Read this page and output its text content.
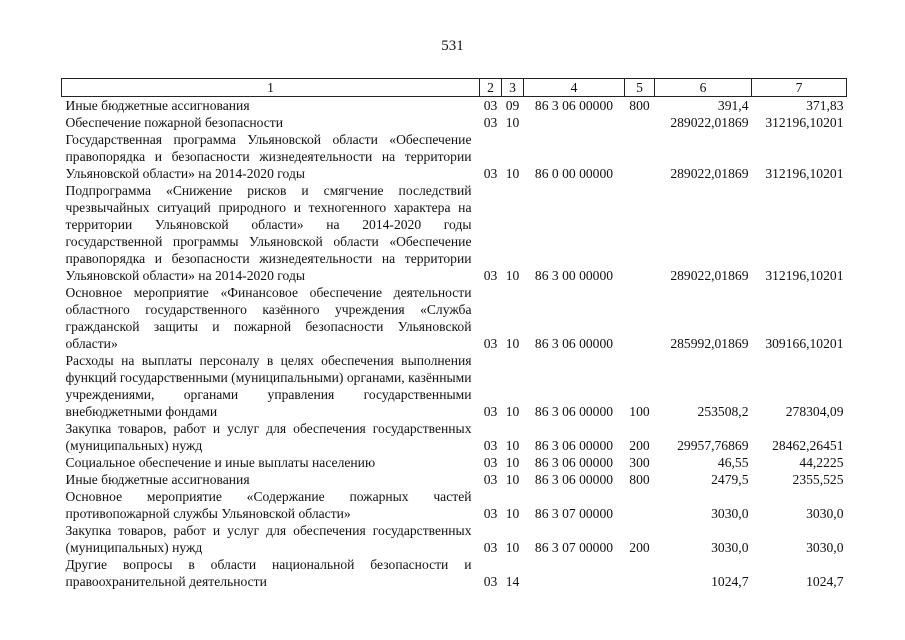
531
1	2	3	4	5	6	7
Иные бюджетные ассигнования	03	09	86 3 06 00000	800	391,4	371,83
Обеспечение пожарной безопасности	03	10			289022,01869	312196,10201
Государственная программа Ульяновской области «Обеспечение правопорядка и безопасности жизнедеятельности на территории Ульяновской области» на 2014-2020 годы	03	10	86 0 00 00000		289022,01869	312196,10201
Подпрограмма «Снижение рисков и смягчение последствий чрезвычайных ситуаций природного и техногенного характера на территории Ульяновской области» на 2014-2020 годы государственной программы Ульяновской области «Обеспечение правопорядка и безопасности жизнедеятельности на территории Ульяновской области» на 2014-2020 годы	03	10	86 3 00 00000		289022,01869	312196,10201
Основное мероприятие «Финансовое обеспечение деятельности областного государственного казённого учреждения «Служба гражданской защиты и пожарной безопасности Ульяновской области»	03	10	86 3 06 00000		285992,01869	309166,10201
Расходы на выплаты персоналу в целях обеспечения выполнения функций государственными (муниципальными) органами, казёнными учреждениями, органами управления государственными внебюджетными фондами	03	10	86 3 06 00000	100	253508,2	278304,09
Закупка товаров, работ и услуг для обеспечения государственных (муниципальных) нужд	03	10	86 3 06 00000	200	29957,76869	28462,26451
Социальное обеспечение и иные выплаты населению	03	10	86 3 06 00000	300	46,55	44,2225
Иные бюджетные ассигнования	03	10	86 3 06 00000	800	2479,5	2355,525
Основное мероприятие «Содержание пожарных частей противопожарной службы Ульяновской области»	03	10	86 3 07 00000		3030,0	3030,0
Закупка товаров, работ и услуг для обеспечения государственных (муниципальных) нужд	03	10	86 3 07 00000	200	3030,0	3030,0
Другие вопросы в области национальной безопасности и правоохранительной деятельности	03	14			1024,7	1024,7
